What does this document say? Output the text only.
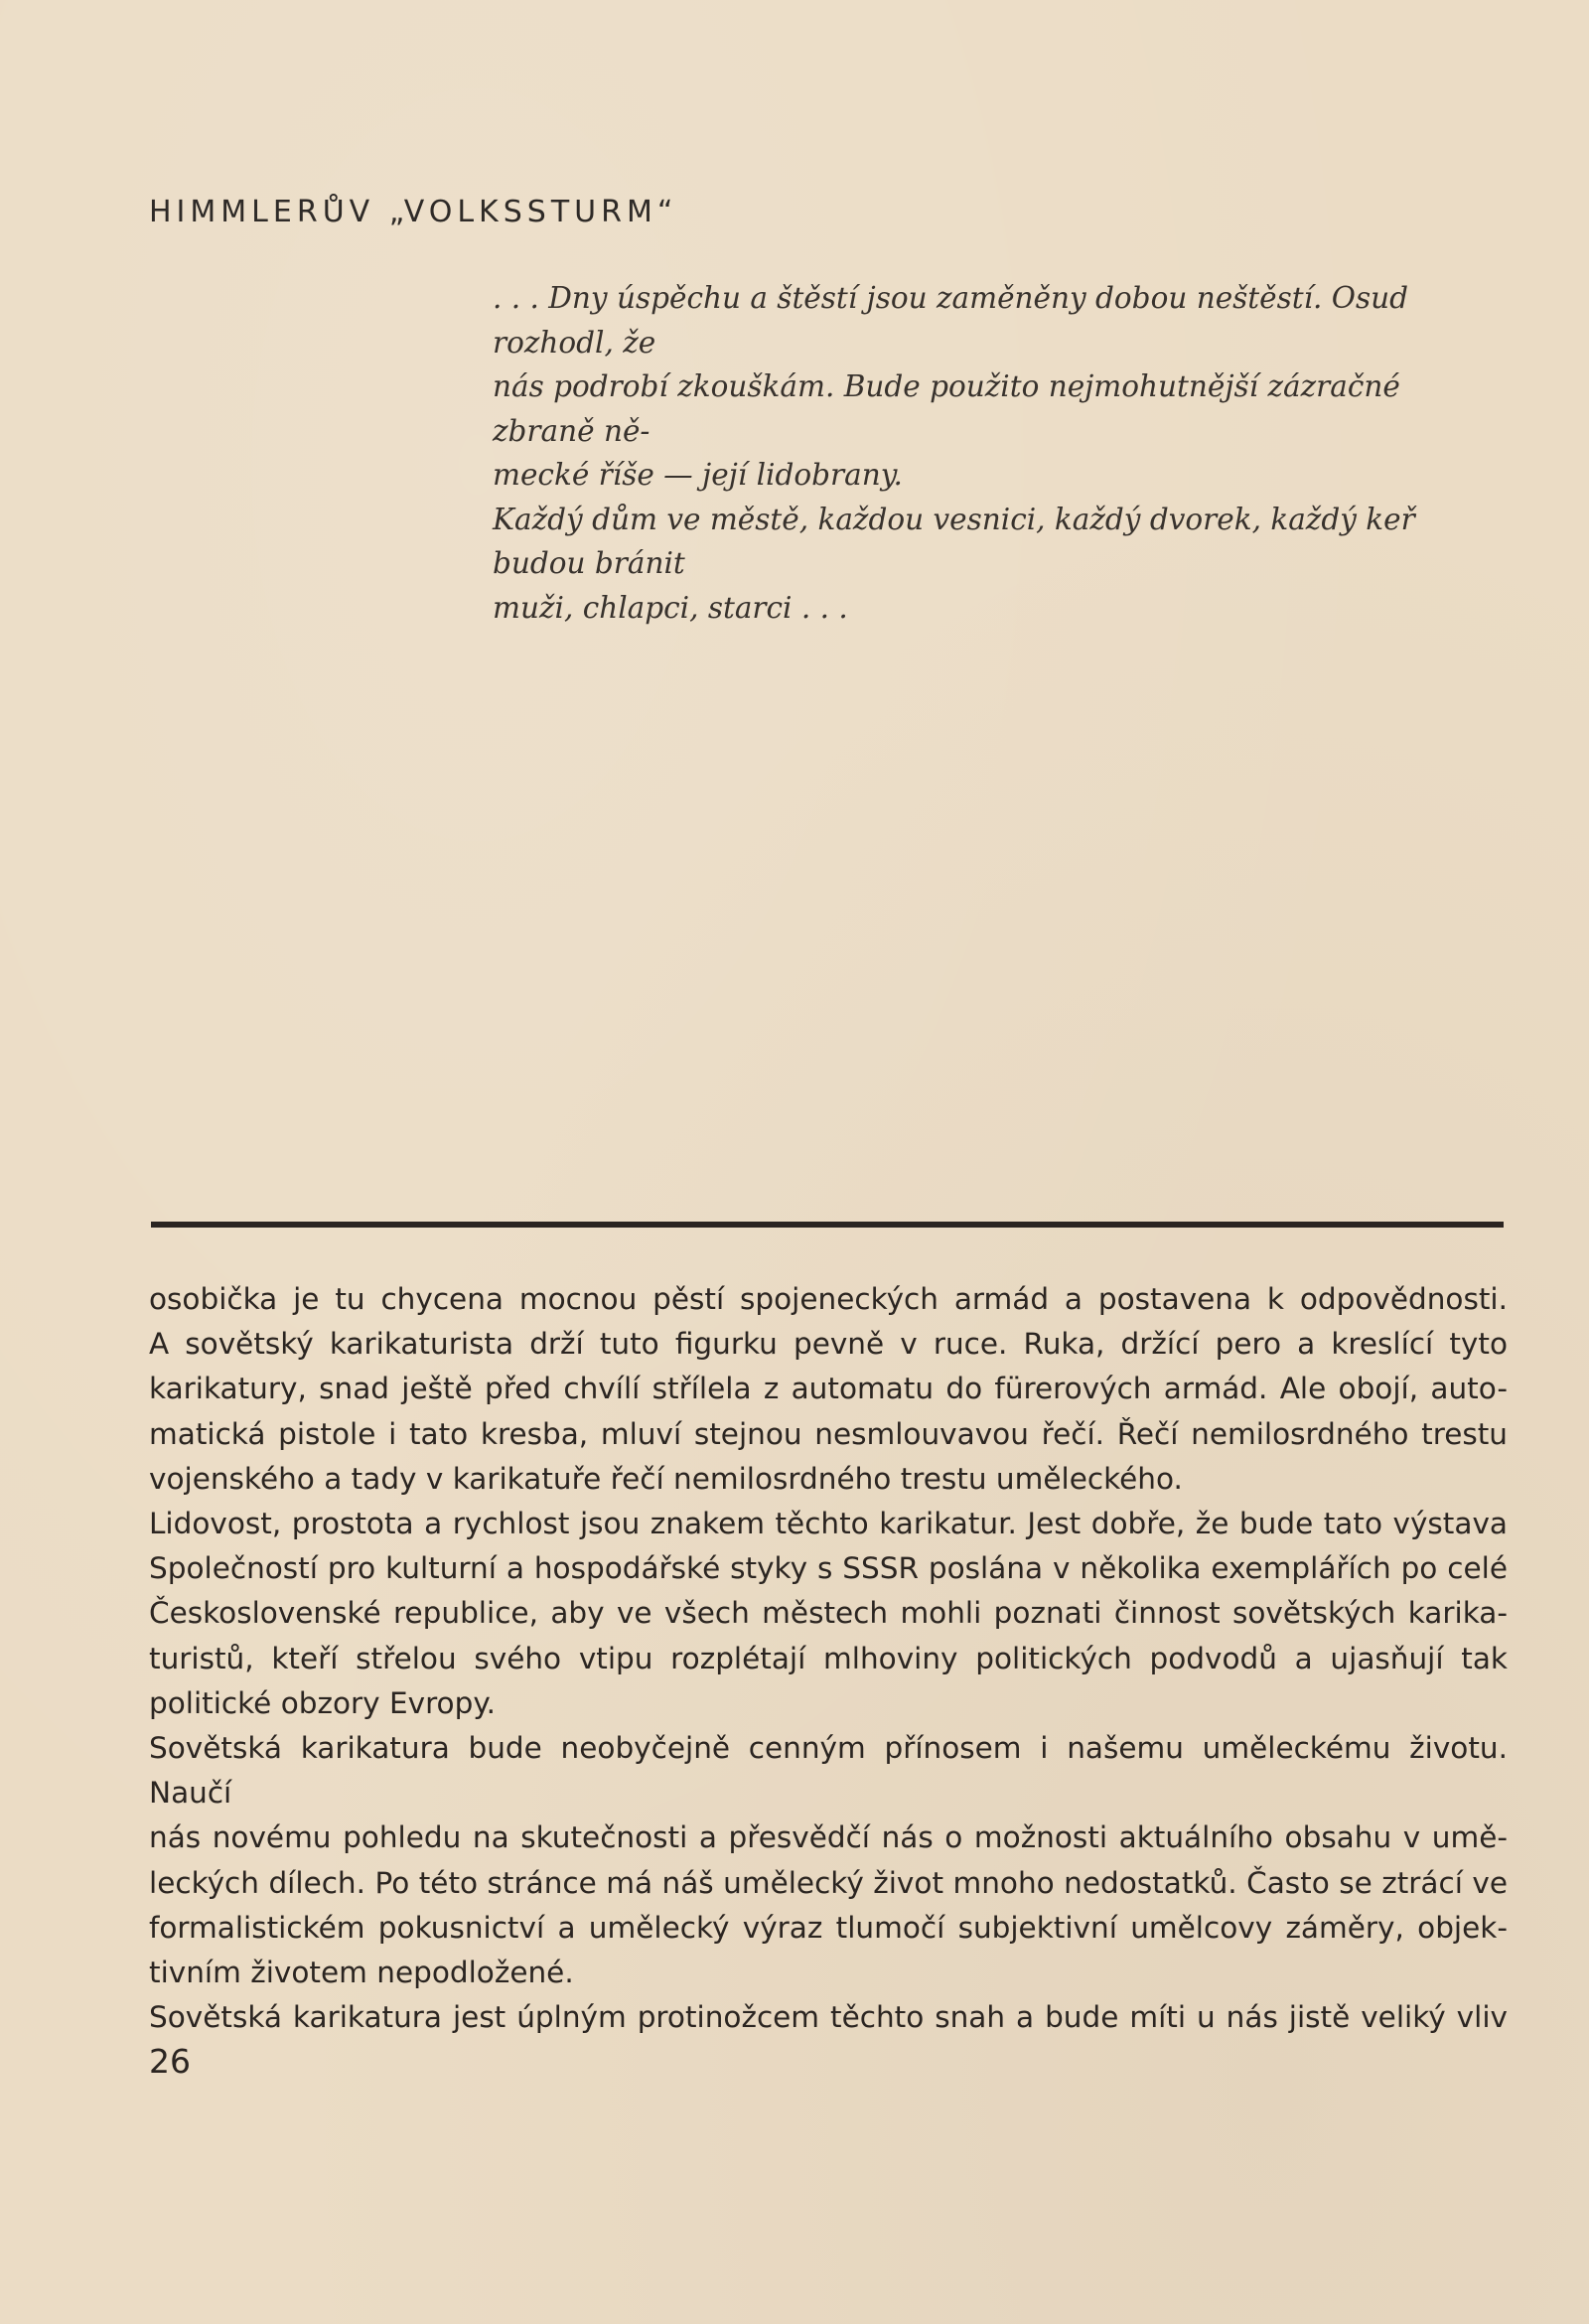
HIMMLERŮV „VOLKSSTURM“

. . . Dny úspěchu a štěstí jsou zaměněny dobou neštěstí. Osud rozhodl, že
nás podrobí zkouškám. Bude použito nejmohutnější zázračné zbraně ně-
mecké říše — její lidobrany.

Každý dům ve městě, každou vesnici, každý dvorek, každý keř budou bránit
muži, chlapci, starci . . .

osobička je tu chycena mocnou pěstí spojeneckých armád a postavena k odpovědnosti.
A sovětský karikaturista drží tuto figurku pevně v ruce. Ruka, držící pero a kreslící tyto
karikatury, snad ještě před chvílí střílela z automatu do fürerových armád. Ale obojí, auto-
matická pistole i tato kresba, mluví stejnou nesmlouvavou řečí. Řečí nemilosrdného trestu
vojenského a tady v karikatuře řečí nemilosrdného trestu uměleckého.
Lidovost, prostota a rychlost jsou znakem těchto karikatur. Jest dobře, že bude tato výstava
Společností pro kulturní a hospodářské styky s SSSR poslána v několika exemplářích po celé
Československé republice, aby ve všech městech mohli poznati činnost sovětských karika-
turistů, kteří střelou svého vtipu rozplétají mlhoviny politických podvodů a ujasňují tak
politické obzory Evropy.
Sovětská karikatura bude neobyčejně cenným přínosem i našemu uměleckému životu. Naučí
nás novému pohledu na skutečnosti a přesvědčí nás o možnosti aktuálního obsahu v umě-
leckých dílech. Po této stránce má náš umělecký život mnoho nedostatků. Často se ztrácí ve
formalistickém pokusnictví a umělecký výraz tlumočí subjektivní umělcovy záměry, objek-
tivním životem nepodložené.
Sovětská karikatura jest úplným protinožcem těchto snah a bude míti u nás jistě veliký vliv
26
